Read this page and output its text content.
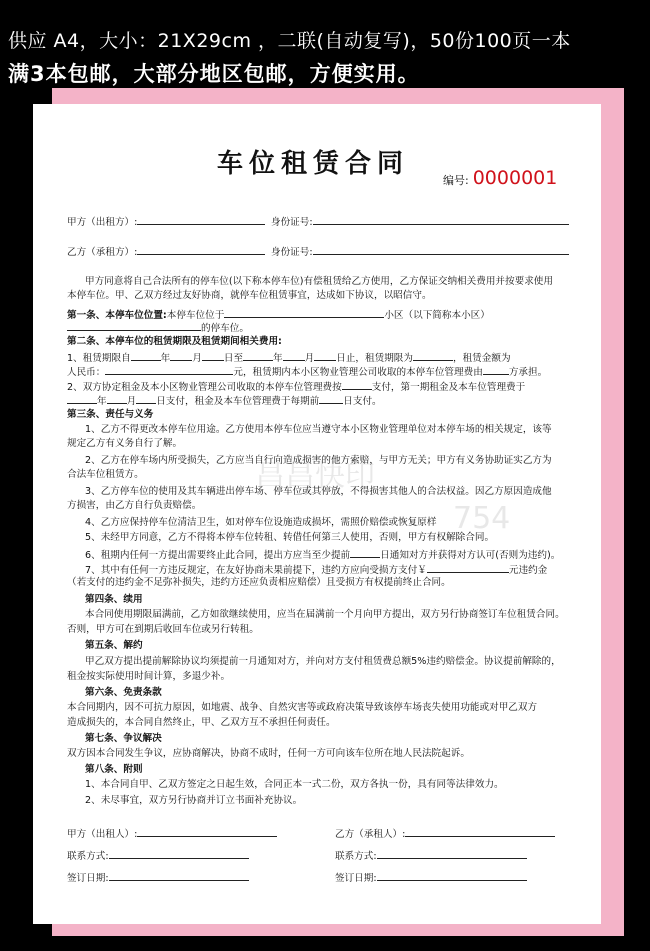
供应 A4，大小：21X29cm ，二联(自动复写)，50份100页一本
满3本包邮，大部分地区包邮，方便实用。
昌昌快印
754
车位租赁合同
编号: 0000001
甲方（出租方）:	身份证号:
乙方（承租方）:	身份证号:
甲方同意将自己合法所有的停车位(以下称本停车位)有偿租赁给乙方使用，乙方保证交纳相关费用并按要求使用
本停车位。甲、乙双方经过友好协商，就停车位租赁事宜，达成如下协议，以昭信守。
第一条、本停车位位置:本停车位位于	小区（以下简称本小区）
的停车位。
第二条、本停车位的租赁期限及租赁期间相关费用:
1、租赁期限自	年 月 日至	年 月 日止，租赁期限为	，租赁金额为
人民币：	元，租赁期内本小区物业管理公司收取的本停车位管理费由	方承担。
2、双方协定租金及本小区物业管理公司收取的本停车位管理费按	支付，第一期租金及本车位管理费于
年 月 日支付，租金及本车位管理费于每期前	日支付。
第三条、责任与义务
1、乙方不得更改本停车位用途。乙方使用本停车位应当遵守本小区物业管理单位对本停车场的相关规定，该等
规定乙方有义务自行了解。
2、乙方在停车场内所受损失，乙方应当自行向造成损害的他方索赔，与甲方无关；甲方有义务协助证实乙方为
合法车位租赁方。
3、乙方停车位的使用及其车辆进出停车场、停车位或其停放，不得损害其他人的合法权益。因乙方原因造成他
方损害，由乙方自行负责赔偿。
4、乙方应保持停车位清洁卫生，如对停车位设施造成损坏，需照价赔偿或恢复原样
5、未经甲方同意，乙方不得将本停车位转租、转借任何第三人使用，否则，甲方有权解除合同。
6、租期内任何一方提出需要终止此合同，提出方应当至少提前	日通知对方并获得对方认可(否则为违约)。
7、其中有任何一方违反规定，在友好协商未果前提下，违约方应向受损方支付￥	元违约金
（若支付的违约金不足弥补损失，违约方还应负责相应赔偿）且受损方有权提前终止合同。
第四条、续用
本合同使用期限届满前，乙方如欲继续使用，应当在届满前一个月向甲方提出，双方另行协商签订车位租赁合同。
否则，甲方可在到期后收回车位或另行转租。
第五条、解约
甲乙双方提出提前解除协议均须提前一月通知对方，并向对方支付租赁费总额5%违约赔偿金。协议提前解除的，
租金按实际使用时间计算，多退少补。
第六条、免责条款
本合同期内，因不可抗力原因，如地震、战争、自然灾害等或政府决策导致该停车场丧失使用功能或对甲乙双方
造成损失的，本合同自然终止，甲、乙双方互不承担任何责任。
第七条、争议解决
双方因本合同发生争议，应协商解决，协商不成时，任何一方可向该车位所在地人民法院起诉。
第八条、附则
1、本合同自甲、乙双方签定之日起生效，合同正本一式二份，双方各执一份，具有同等法律效力。
2、未尽事宜，双方另行协商并订立书面补充协议。
甲方（出租人）:	乙方（承租人）:
联系方式:	联系方式:
签订日期:	签订日期:
